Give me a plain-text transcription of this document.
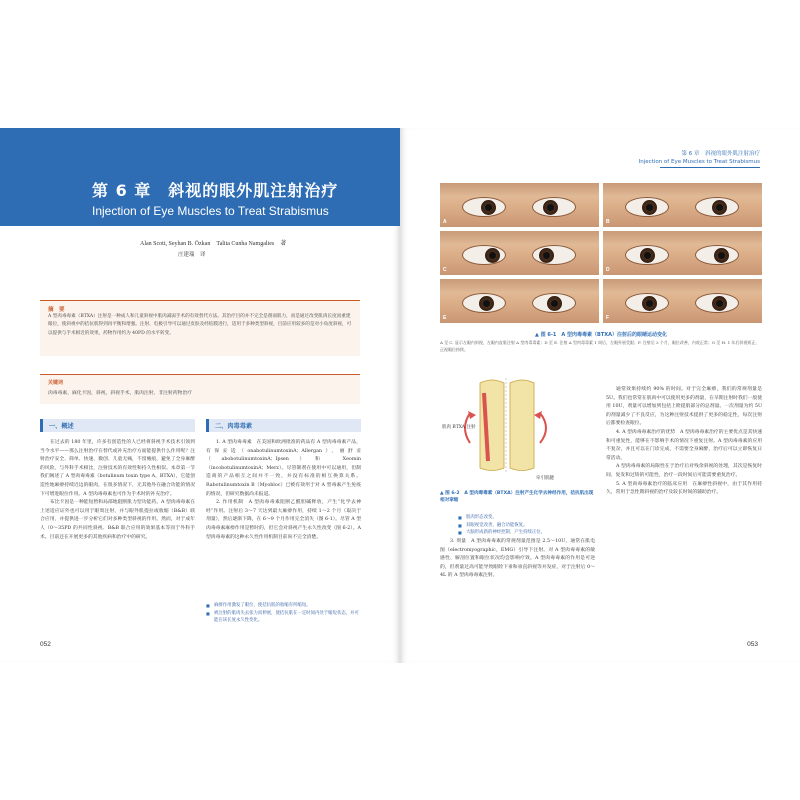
第 6 章　斜视的眼外肌注射治疗
Injection of Eye Muscles to Treat Strabismus
Alan Scott, Seyhan B. Özkan　Talita Cunha Namgalies　著
庄建瑞　译
摘　要
A 型肉毒毒素（BTXA）注射是一种成人和儿童斜视中肌肉减弱手术的有效替代方法。其治疗目的并不完全是削弱肌力，而是通过改变肌肉长度而重建眼位，使斜视中的拮抗肌得到再平衡和增强。注射、电极引导可以通过皮肤及经结膜进行，适用于多种类型斜视，目前应用较多的是对小角度斜视，可以提供与手术相近的效果，药物作用约为 40PD 的水平转变。
关键词
肉毒毒素，麻化卡因，斜视，斜视手术，肌肉注射，非注射药物治疗
一、概述	二、肉毒毒素

在过去的 180 年里，许多有创造性的人已经将斜视手术技术引领到当今水平——那么注射治疗在替代或补充治疗方面能提供什么作用呢？注射治疗安全、简单、快速、微创、儿童无痛，不留瘢痕，避免了全身麻醉的风险，与外科手术相比，注射技术的有效性和持久性相似。本章第一节我们阐述了 A 型肉毒毒素（botulinum toxin type A，BTXA），它能创造性地麻痹持续近边的眼肉，在很多情况下，无其他外在融合功能的情况下可增进眼位作用。A 型肉毒毒素也可作为手术时的补充治疗。

布比卡因是一种能短暂和局部地阻断肌力型功能药。A 型肉毒毒素在上述适应证外也可以用于眼周注射，并与眼外肌提拉或收缩（B&B）联合应用，并提供进一步分析它们对多种类型斜视的作用。然而，对于成年人（0～35PD 的共同性斜视、B&B 联合应用的效果基本等同于外科手术。目前还在开展更多的其他疾病和治疗中的研究。

1. A 型肉毒毒素　在美国和欧洲批准的药品有 A 型肉毒毒素产品，有保妥适（onabotulinumtoxinA；Allergan），丽舒妥（abobotulinumtoxinA；Ipsen）和 Xeomin（incobotulinumtoxinA；Merz）。尽管制剂在使用中可以通用，但制造商的产品相互之间并不一致，并没有标准的相互换算关系。Rabotulinumtoxin B（Myobloc）已被有效用于对 A 型毒素产生免疫的情况，但研究数据尚未报道。

2. 作用机制　A 型肉毒毒素阻断乙酰胆碱释放，产生“化学去神经”作用。注射后 3～7 天达到最大麻痹作用，持续 1～2 个月（取决于剂量），然后逐渐下降，在 6～9 个月作用完全消失（图 6-1）。尽管 A 型肉毒毒素麻痹作用是暂时的，但它会对斜视产生永久性改变（图 6-2）。A 型肉毒毒素的这种永久性作用机制目前尚不完全清楚。

■ 麻痹作用激发了眼位，使拮抗肌的收缩有所缩短。
■ 被注射的肌肉失去张力而伸展，使拮抗肌在一定时间内处于缩短状态，并可能在该长度永久性变化。
052
第 6 章　斜视的眼外肌注射治疗
Injection of Eye Muscles to Treat Strabismus
A	B
C	D
E	F
▲ 图 6-1　A 型肉毒毒素（BTXA）注射后的眼睛运动变化
A 至 C. 显示左眼内斜视，左眼内直肌注射 A 型肉毒毒素；D 至 E. 注射 A 型肉毒毒素 1 周后，左眼外展受限；F. 注射后 3 个月，眼位改善，内收正常；G 至 H. 1 年后斜视矫正，正视眼位持续。
肌肉 BTXA 注射
牵引肌腱
▲ 图 6-2　A 型肉毒毒素（BTXA）注射产生化学去神经作用，拮抗肌出现相对挛缩
■ 肌肉形态改变。
■ 双眼视觉改善，融合功能恢复。
■ 大脑形成新的神经控制，产生持续正位。

3. 剂量　A 型肉毒毒素的常规剂量范围是 2.5～10U，通常在肌电图（electromyographic，EMG）引导下注射。对 A 型肉毒毒素的敏感性、解剖位置和眼位状况均会影响疗效。A 型肉毒毒素的作用是可逆的，但剂量过高可能导致眼睑下垂和垂直斜视等并发症，对于注射后 0～4L 的 A 型肉毒毒素注射。

通常效果持续约 90% 的时间。对于完全麻痹，我们的常规剂量是 5U。我们也常常在肌肉中可以使用更多的剂量，在早期注射时我们一般使用 10U，剂量可以增加到包括上睑提肌部分的总剂量。一次剂量为约 5U 的剂量减少了不良反应，为这种注射技术提供了更多的稳定性，每次注射后都要检查眼位。

4. A 型肉毒毒素治疗的优势　A 型肉毒毒素治疗的主要优点是其快速和可重复性，能够在不影响手术的情况下重复注射。A 型肉毒毒素的应用不复杂，并且可以在门诊完成，不需要全身麻醉，治疗后可以立即恢复日常活动。

A 型肉毒毒素的局限性在于治疗后对残余斜视的处理，其次是恢复时间、复发和过矫的可能性，治疗一段时间后可能需要重复治疗。

5. A 型肉毒毒素治疗的临床应用　在麻痹性斜视中，由于其作用持久，常用于急性期斜视的治疗及较长时间的辅助治疗。

053
